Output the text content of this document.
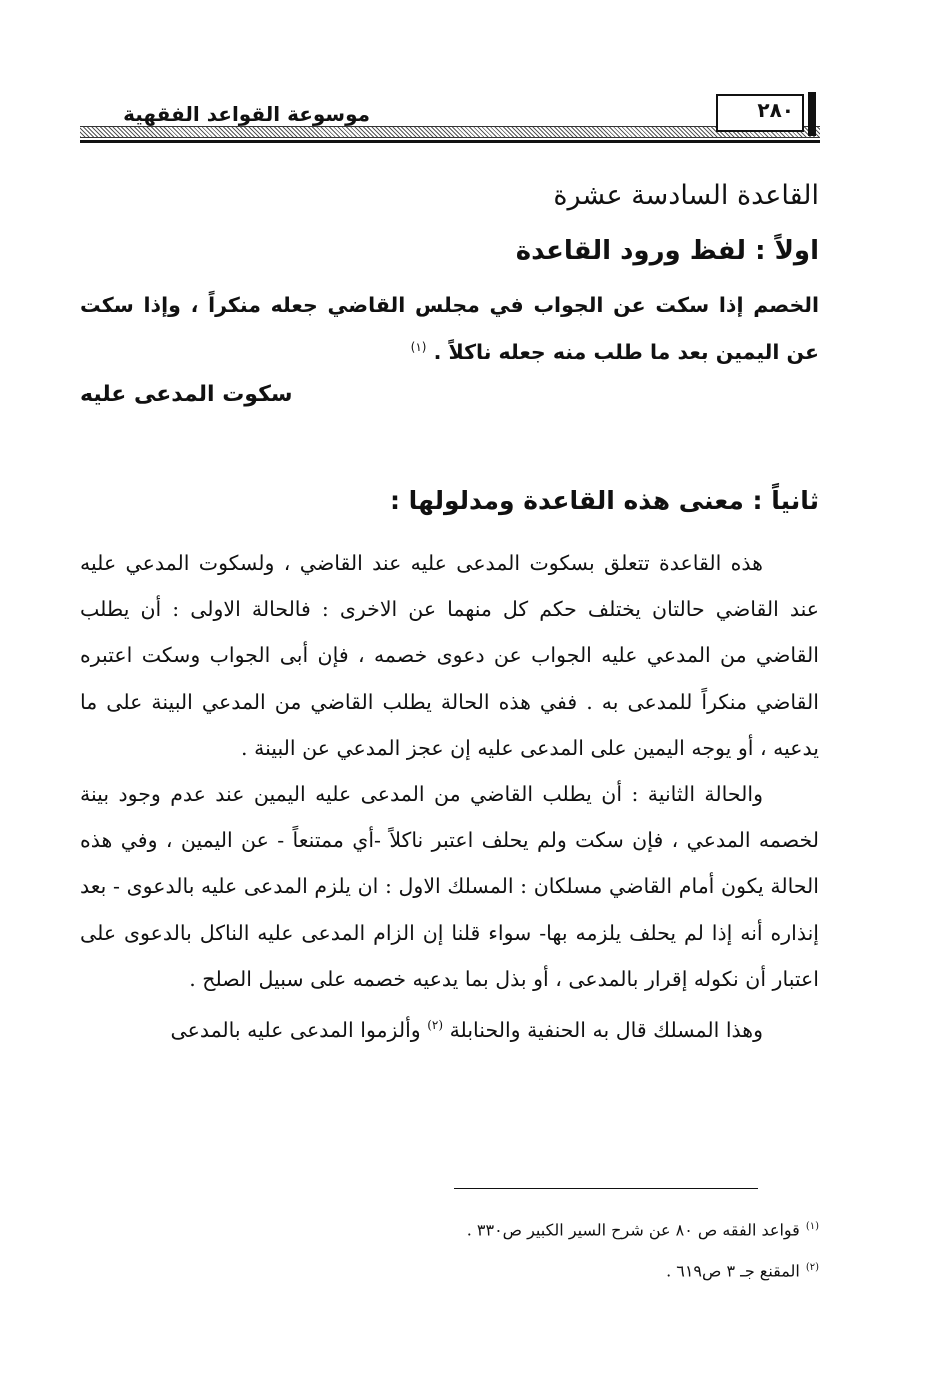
موسوعة القواعد الفقهية	٢٨٠
القاعدة السادسة عشرة
اولاً : لفظ ورود القاعدة
الخصم إذا سكت عن الجواب في مجلس القاضي جعله منكراً ، وإذا سكت عن اليمين بعد ما طلب منه جعله ناكلاً . $^{(١)}$
سكوت المدعى عليه
ثانياً : معنى هذه القاعدة ومدلولها :

هذه القاعدة تتعلق بسكوت المدعى عليه عند القاضي ، ولسكوت المدعي عليه عند القاضي حالتان يختلف حكم كل منهما عن الاخرى : فالحالة الاولى : أن يطلب القاضي من المدعي عليه الجواب عن دعوى خصمه ، فإن أبى الجواب وسكت اعتبره القاضي منكراً للمدعى به . ففي هذه الحالة يطلب القاضي من المدعي البينة على ما يدعيه ، أو يوجه اليمين على المدعى عليه إن عجز المدعي عن البينة .

والحالة الثانية : أن يطلب القاضي من المدعى عليه اليمين عند عدم وجود بينة لخصمه المدعي ، فإن سكت ولم يحلف اعتبر ناكلاً -أي ممتنعاً - عن اليمين ، وفي هذه الحالة يكون أمام القاضي مسلكان : المسلك الاول : ان يلزم المدعى عليه بالدعوى - بعد إنذاره أنه إذا لم يحلف يلزمه بها- سواء قلنا إن الزام المدعى عليه الناكل بالدعوى على اعتبار أن نكوله إقرار بالمدعى ، أو بذل بما يدعيه خصمه على سبيل الصلح .

وهذا المسلك قال به الحنفية والحنابلة $^{(٢)}$ وألزموا المدعى عليه بالمدعى

$^{(١)}$قواعد الفقه ص ٨٠ عن شرح السير الكبير ص٣٣٠ .
$^{(٢)}$المقنع جـ ٣ ص٦١٩ .
